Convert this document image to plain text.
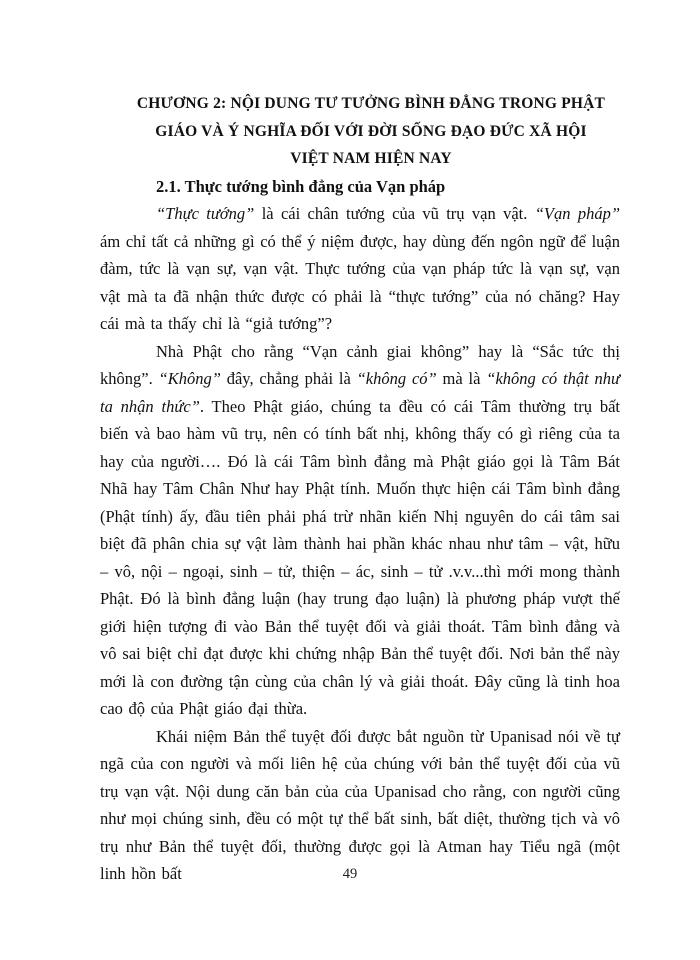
CHƯƠNG 2: NỘI DUNG TƯ TƯỞNG BÌNH ĐẲNG TRONG PHẬT
GIÁO VÀ Ý NGHĨA ĐỐI VỚI ĐỜI SỐNG ĐẠO ĐỨC XÃ HỘI
VIỆT NAM HIỆN NAY
2.1. Thực tướng bình đẳng của Vạn pháp

“Thực tướng” là cái chân tướng của vũ trụ vạn vật. “Vạn pháp” ám chỉ tất cả những gì có thể ý niệm được, hay dùng đến ngôn ngữ để luận đàm, tức là vạn sự, vạn vật. Thực tướng của vạn pháp tức là vạn sự, vạn vật mà ta đã nhận thức được có phải là “thực tướng” của nó chăng? Hay cái mà ta thấy chỉ là “giả tướng”?

Nhà Phật cho rằng “Vạn cảnh giai không” hay là “Sắc tức thị không”. “Không” đây, chẳng phải là “không có” mà là “không có thật như ta nhận thức”. Theo Phật giáo, chúng ta đều có cái Tâm thường trụ bất biến và bao hàm vũ trụ, nên có tính bất nhị, không thấy có gì riêng của ta hay của người…. Đó là cái Tâm bình đẳng mà Phật giáo gọi là Tâm Bát Nhã hay Tâm Chân Như hay Phật tính. Muốn thực hiện cái Tâm bình đẳng (Phật tính) ấy, đầu tiên phải phá trừ nhãn kiến Nhị nguyên do cái tâm sai biệt đã phân chia sự vật làm thành hai phần khác nhau như tâm – vật, hữu – vô, nội – ngoại, sinh – tử, thiện – ác, sinh – tử .v.v...thì mới mong thành Phật. Đó là bình đẳng luận (hay trung đạo luận) là phương pháp vượt thế giới hiện tượng đi vào Bản thể tuyệt đối và giải thoát. Tâm bình đẳng và vô sai biệt chỉ đạt được khi chứng nhập Bản thể tuyệt đối. Nơi bản thể này mới là con đường tận cùng của chân lý và giải thoát. Đây cũng là tinh hoa cao độ của Phật giáo đại thừa.

Khái niệm Bản thể tuyệt đối được bắt nguồn từ Upanisad nói về tự ngã của con người và mối liên hệ của chúng với bản thể tuyệt đối của vũ trụ vạn vật. Nội dung căn bản của của Upanisad cho rằng, con người cũng như mọi chúng sinh, đều có một tự thể bất sinh, bất diệt, thường tịch và vô trụ như Bản thể tuyệt đối, thường được gọi là Atman hay Tiểu ngã (một linh hồn bất	49
